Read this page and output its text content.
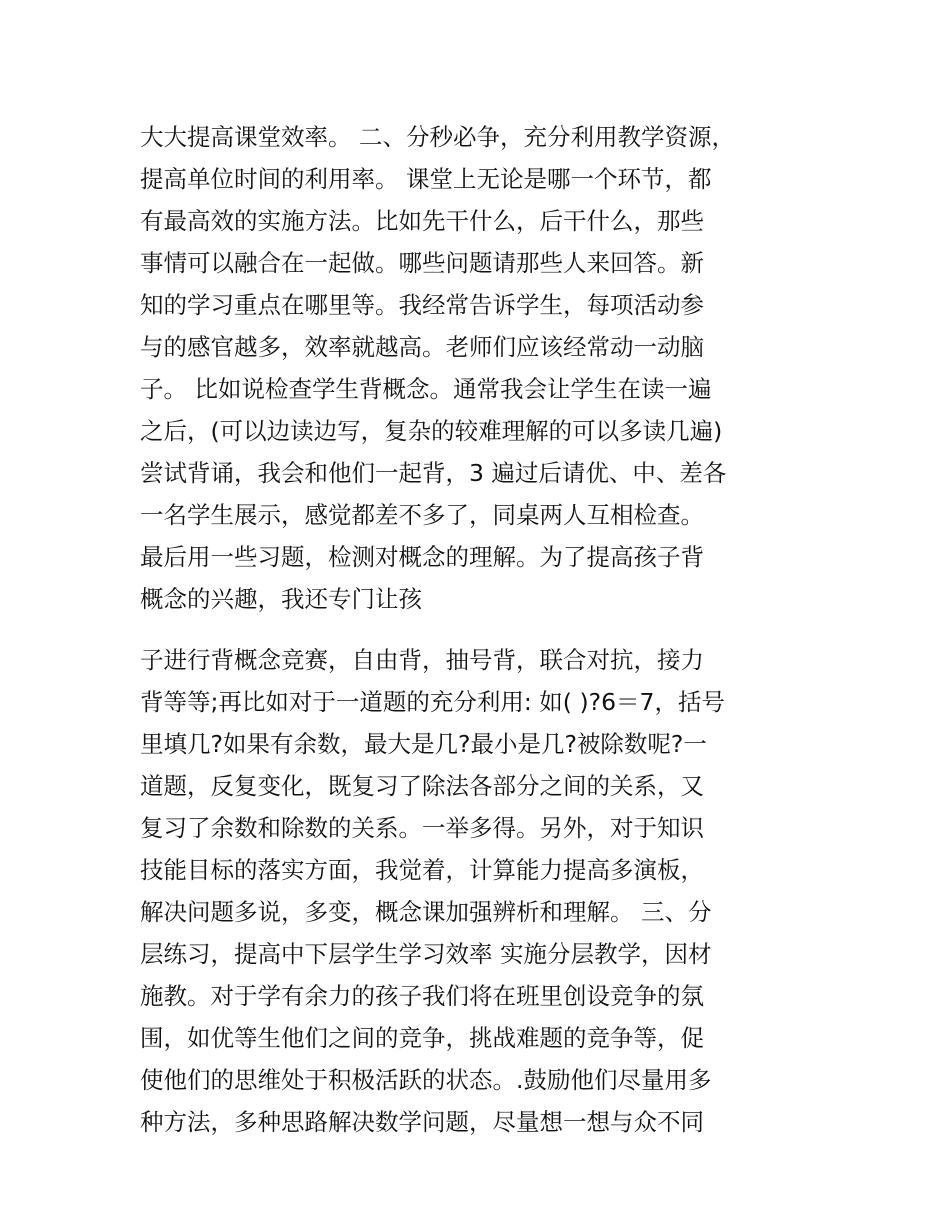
大大提高课堂效率。 二、分秒必争，充分利用教学资源，
提高单位时间的利用率。 课堂上无论是哪一个环节，都
有最高效的实施方法。比如先干什么，后干什么，那些
事情可以融合在一起做。哪些问题请那些人来回答。新
知的学习重点在哪里等。我经常告诉学生，每项活动参
与的感官越多，效率就越高。老师们应该经常动一动脑
子。 比如说检查学生背概念。通常我会让学生在读一遍
之后，(可以边读边写，复杂的较难理解的可以多读几遍)
尝试背诵，我会和他们一起背，3 遍过后请优、中、差各
一名学生展示，感觉都差不多了，同桌两人互相检查。
最后用一些习题，检测对概念的理解。为了提高孩子背
概念的兴趣，我还专门让孩
子进行背概念竞赛，自由背，抽号背，联合对抗，接力
背等等;再比如对于一道题的充分利用: 如( )?6＝7，括号
里填几?如果有余数，最大是几?最小是几?被除数呢?一
道题，反复变化，既复习了除法各部分之间的关系，又
复习了余数和除数的关系。一举多得。另外，对于知识
技能目标的落实方面，我觉着，计算能力提高多演板，
解决问题多说，多变，概念课加强辨析和理解。 三、分
层练习，提高中下层学生学习效率 实施分层教学，因材
施教。对于学有余力的孩子我们将在班里创设竞争的氛
围，如优等生他们之间的竞争，挑战难题的竞争等，促
使他们的思维处于积极活跃的状态。.鼓励他们尽量用多
种方法，多种思路解决数学问题，尽量想一想与众不同
